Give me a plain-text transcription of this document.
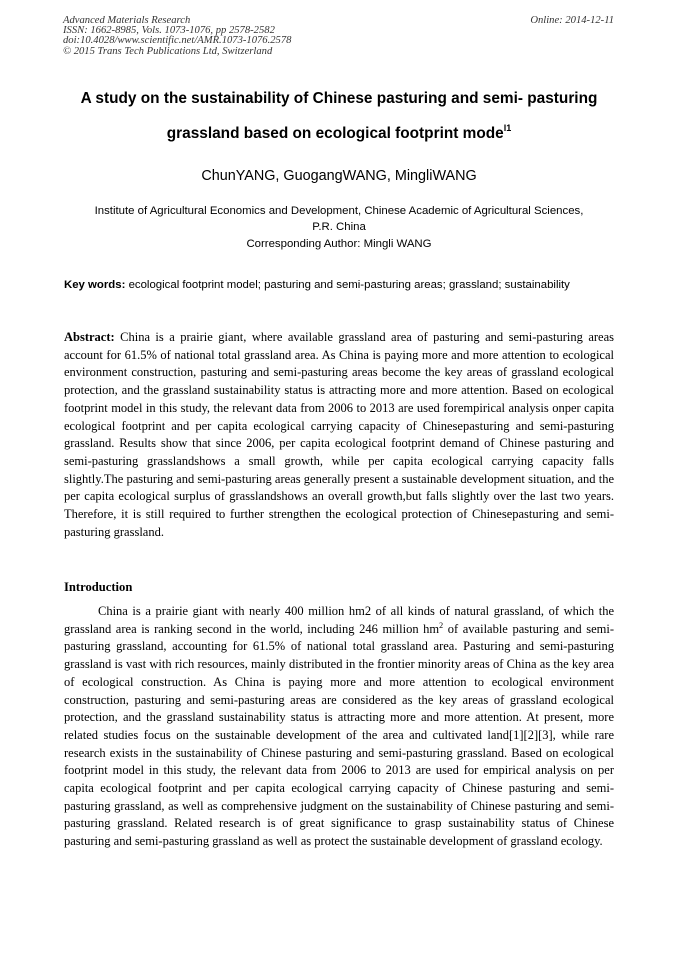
Advanced Materials Research
ISSN: 1662-8985, Vols. 1073-1076, pp 2578-2582
doi:10.4028/www.scientific.net/AMR.1073-1076.2578
© 2015 Trans Tech Publications Ltd, Switzerland
Online: 2014-12-11
A study on the sustainability of Chinese pasturing and semi- pasturing
grassland based on ecological footprint mode$^{l1}$
ChunYANG, GuogangWANG, MingliWANG
Institute of Agricultural Economics and Development, Chinese Academic of Agricultural Sciences,
P.R. China
Corresponding Author: Mingli WANG
Key words: ecological footprint model; pasturing and semi-pasturing areas; grassland; sustainability
Abstract: China is a prairie giant, where available grassland area of pasturing and semi-pasturing areas account for 61.5% of national total grassland area. As China is paying more and more attention to ecological environment construction, pasturing and semi-pasturing areas become the key areas of grassland ecological protection, and the grassland sustainability status is attracting more and more attention. Based on ecological footprint model in this study, the relevant data from 2006 to 2013 are used forempirical analysis onper capita ecological footprint and per capita ecological carrying capacity of Chinesepasturing and semi-pasturing grassland. Results show that since 2006, per capita ecological footprint demand of Chinese pasturing and semi-pasturing grasslandshows a small growth, while per capita ecological carrying capacity falls slightly.The pasturing and semi-pasturing areas generally present a sustainable development situation, and the per capita ecological surplus of grasslandshows an overall growth,but falls slightly over the last two years. Therefore, it is still required to further strengthen the ecological protection of Chinesepasturing and semi-pasturing grassland.
Introduction
China is a prairie giant with nearly 400 million hm2 of all kinds of natural grassland, of which the grassland area is ranking second in the world, including 246 million $hm^2$ of available pasturing and semi-pasturing grassland, accounting for 61.5% of national total grassland area. Pasturing and semi-pasturing grassland is vast with rich resources, mainly distributed in the frontier minority areas of China as the key area of ecological construction. As China is paying more and more attention to ecological environment construction, pasturing and semi-pasturing areas are considered as the key areas of grassland ecological protection, and the grassland sustainability status is attracting more and more attention. At present, more related studies focus on the sustainable development of the area and cultivated land[1][2][3], while rare research exists in the sustainability of Chinese pasturing and semi-pasturing grassland. Based on ecological footprint model in this study, the relevant data from 2006 to 2013 are used for empirical analysis on per capita ecological footprint and per capita ecological carrying capacity of Chinese pasturing and semi-pasturing grassland, as well as comprehensive judgment on the sustainability of Chinese pasturing and semi-pasturing grassland. Related research is of great significance to grasp sustainability status of Chinese pasturing and semi-pasturing grassland as well as protect the sustainable development of grassland ecology.
